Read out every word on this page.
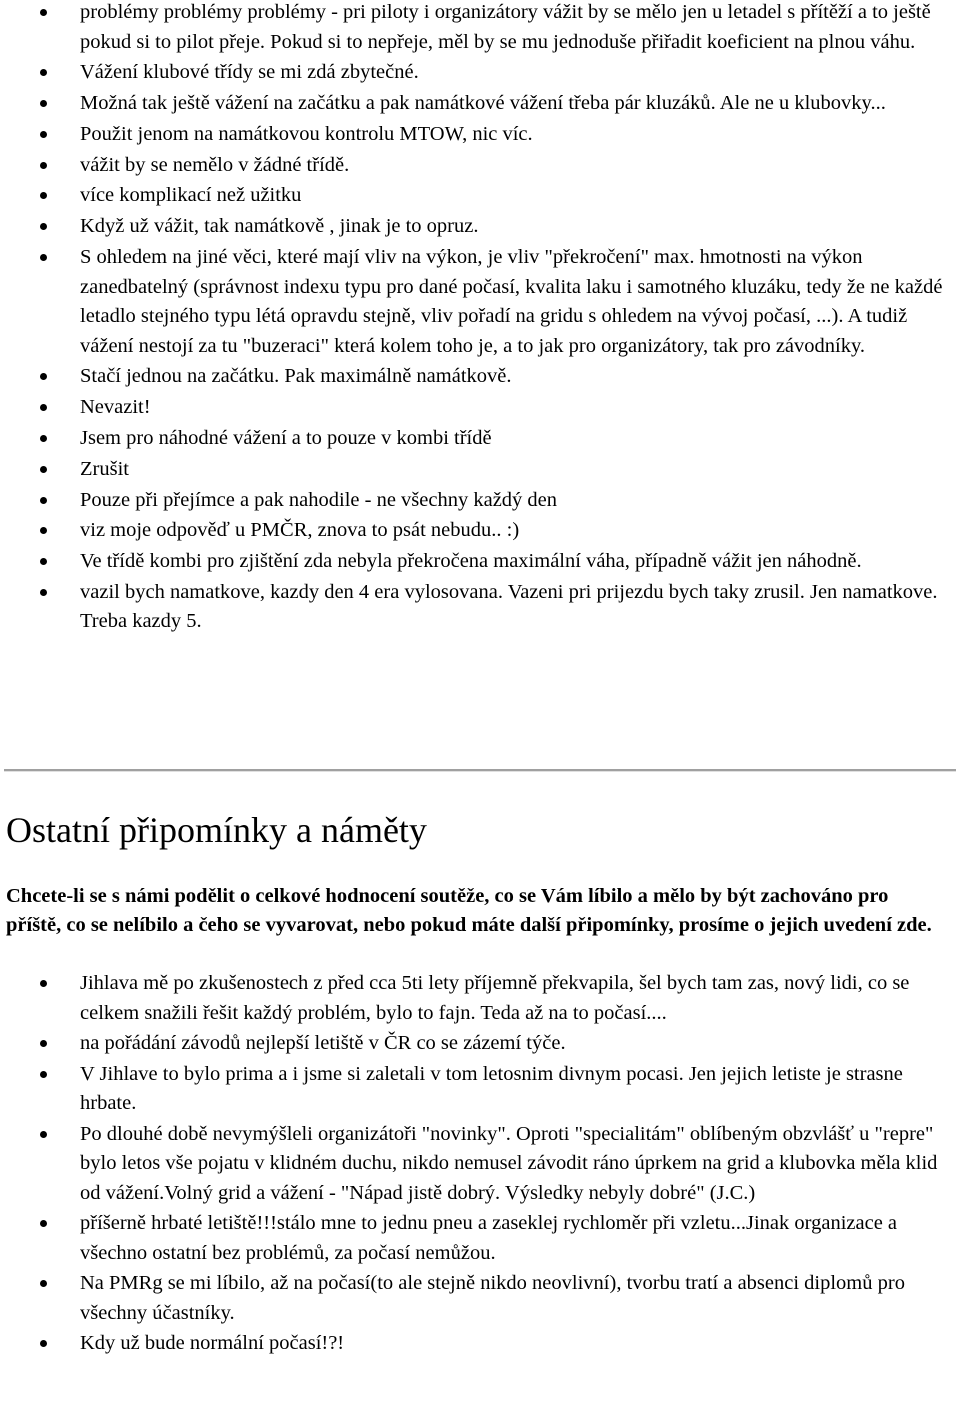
problémy problémy problémy - pri piloty i organizátory vážit by se mělo jen u letadel s přítěží a to ještě pokud si to pilot přeje. Pokud si to nepřeje, měl by se mu jednoduše přiřadit koeficient na plnou váhu.
Vážení klubové třídy se mi zdá zbytečné.
Možná tak ještě vážení na začátku a pak namátkové vážení třeba pár kluzáků. Ale ne u klubovky...
Použit jenom na namátkovou kontrolu MTOW, nic víc.
vážit by se nemělo v žádné třídě.
více komplikací než užitku
Když už vážit, tak namátkově , jinak je to opruz.
S ohledem na jiné věci, které mají vliv na výkon, je vliv "překročení" max. hmotnosti na výkon zanedbatelný (správnost indexu typu pro dané počasí, kvalita laku i samotného kluzáku, tedy že ne každé letadlo stejného typu létá opravdu stejně, vliv pořadí na gridu s ohledem na vývoj počasí, ...). A tudiž vážení nestojí za tu "buzeraci" která kolem toho je, a to jak pro organizátory, tak pro závodníky.
Stačí jednou na začátku. Pak maximálně namátkově.
Nevazit!
Jsem pro náhodné vážení a to pouze v kombi třídě
Zrušit
Pouze při přejímce a pak nahodile - ne všechny každý den
viz moje odpověď u PMČR, znova to psát nebudu.. :)
Ve třídě kombi pro zjištění zda nebyla překročena maximální váha, případně vážit jen náhodně.
vazil bych namatkove, kazdy den 4 era vylosovana. Vazeni pri prijezdu bych taky zrusil. Jen namatkove. Treba kazdy 5.
Ostatní připomínky a náměty

Chcete-li se s námi podělit o celkové hodnocení soutěže, co se Vám líbilo a mělo by být zachováno pro příště, co se nelíbilo a čeho se vyvarovat, nebo pokud máte další připomínky, prosíme o jejich uvedení zde.

Jihlava mě po zkušenostech z před cca 5ti lety příjemně překvapila, šel bych tam zas, nový lidi, co se celkem snažili řešit každý problém, bylo to fajn. Teda až na to počasí....
na pořádání závodů nejlepší letiště v ČR co se zázemí týče.
V Jihlave to bylo prima a i jsme si zaletali v tom letosnim divnym pocasi. Jen jejich letiste je strasne hrbate.
Po dlouhé době nevymýšleli organizátoři "novinky". Oproti "specialitám" oblíbeným obzvlášť u "repre" bylo letos vše pojatu v klidném duchu, nikdo nemusel závodit ráno úprkem na grid a klubovka měla klid od vážení.Volný grid a vážení - "Nápad jistě dobrý. Výsledky nebyly dobré" (J.C.)
příšerně hrbaté letiště!!!stálo mne to jednu pneu a zaseklej rychloměr při vzletu...Jinak organizace a všechno ostatní bez problémů, za počasí nemůžou.
Na PMRg se mi líbilo, až na počasí(to ale stejně nikdo neovlivní), tvorbu tratí a absenci diplomů pro všechny účastníky.
Kdy už bude normální počasí!?!
